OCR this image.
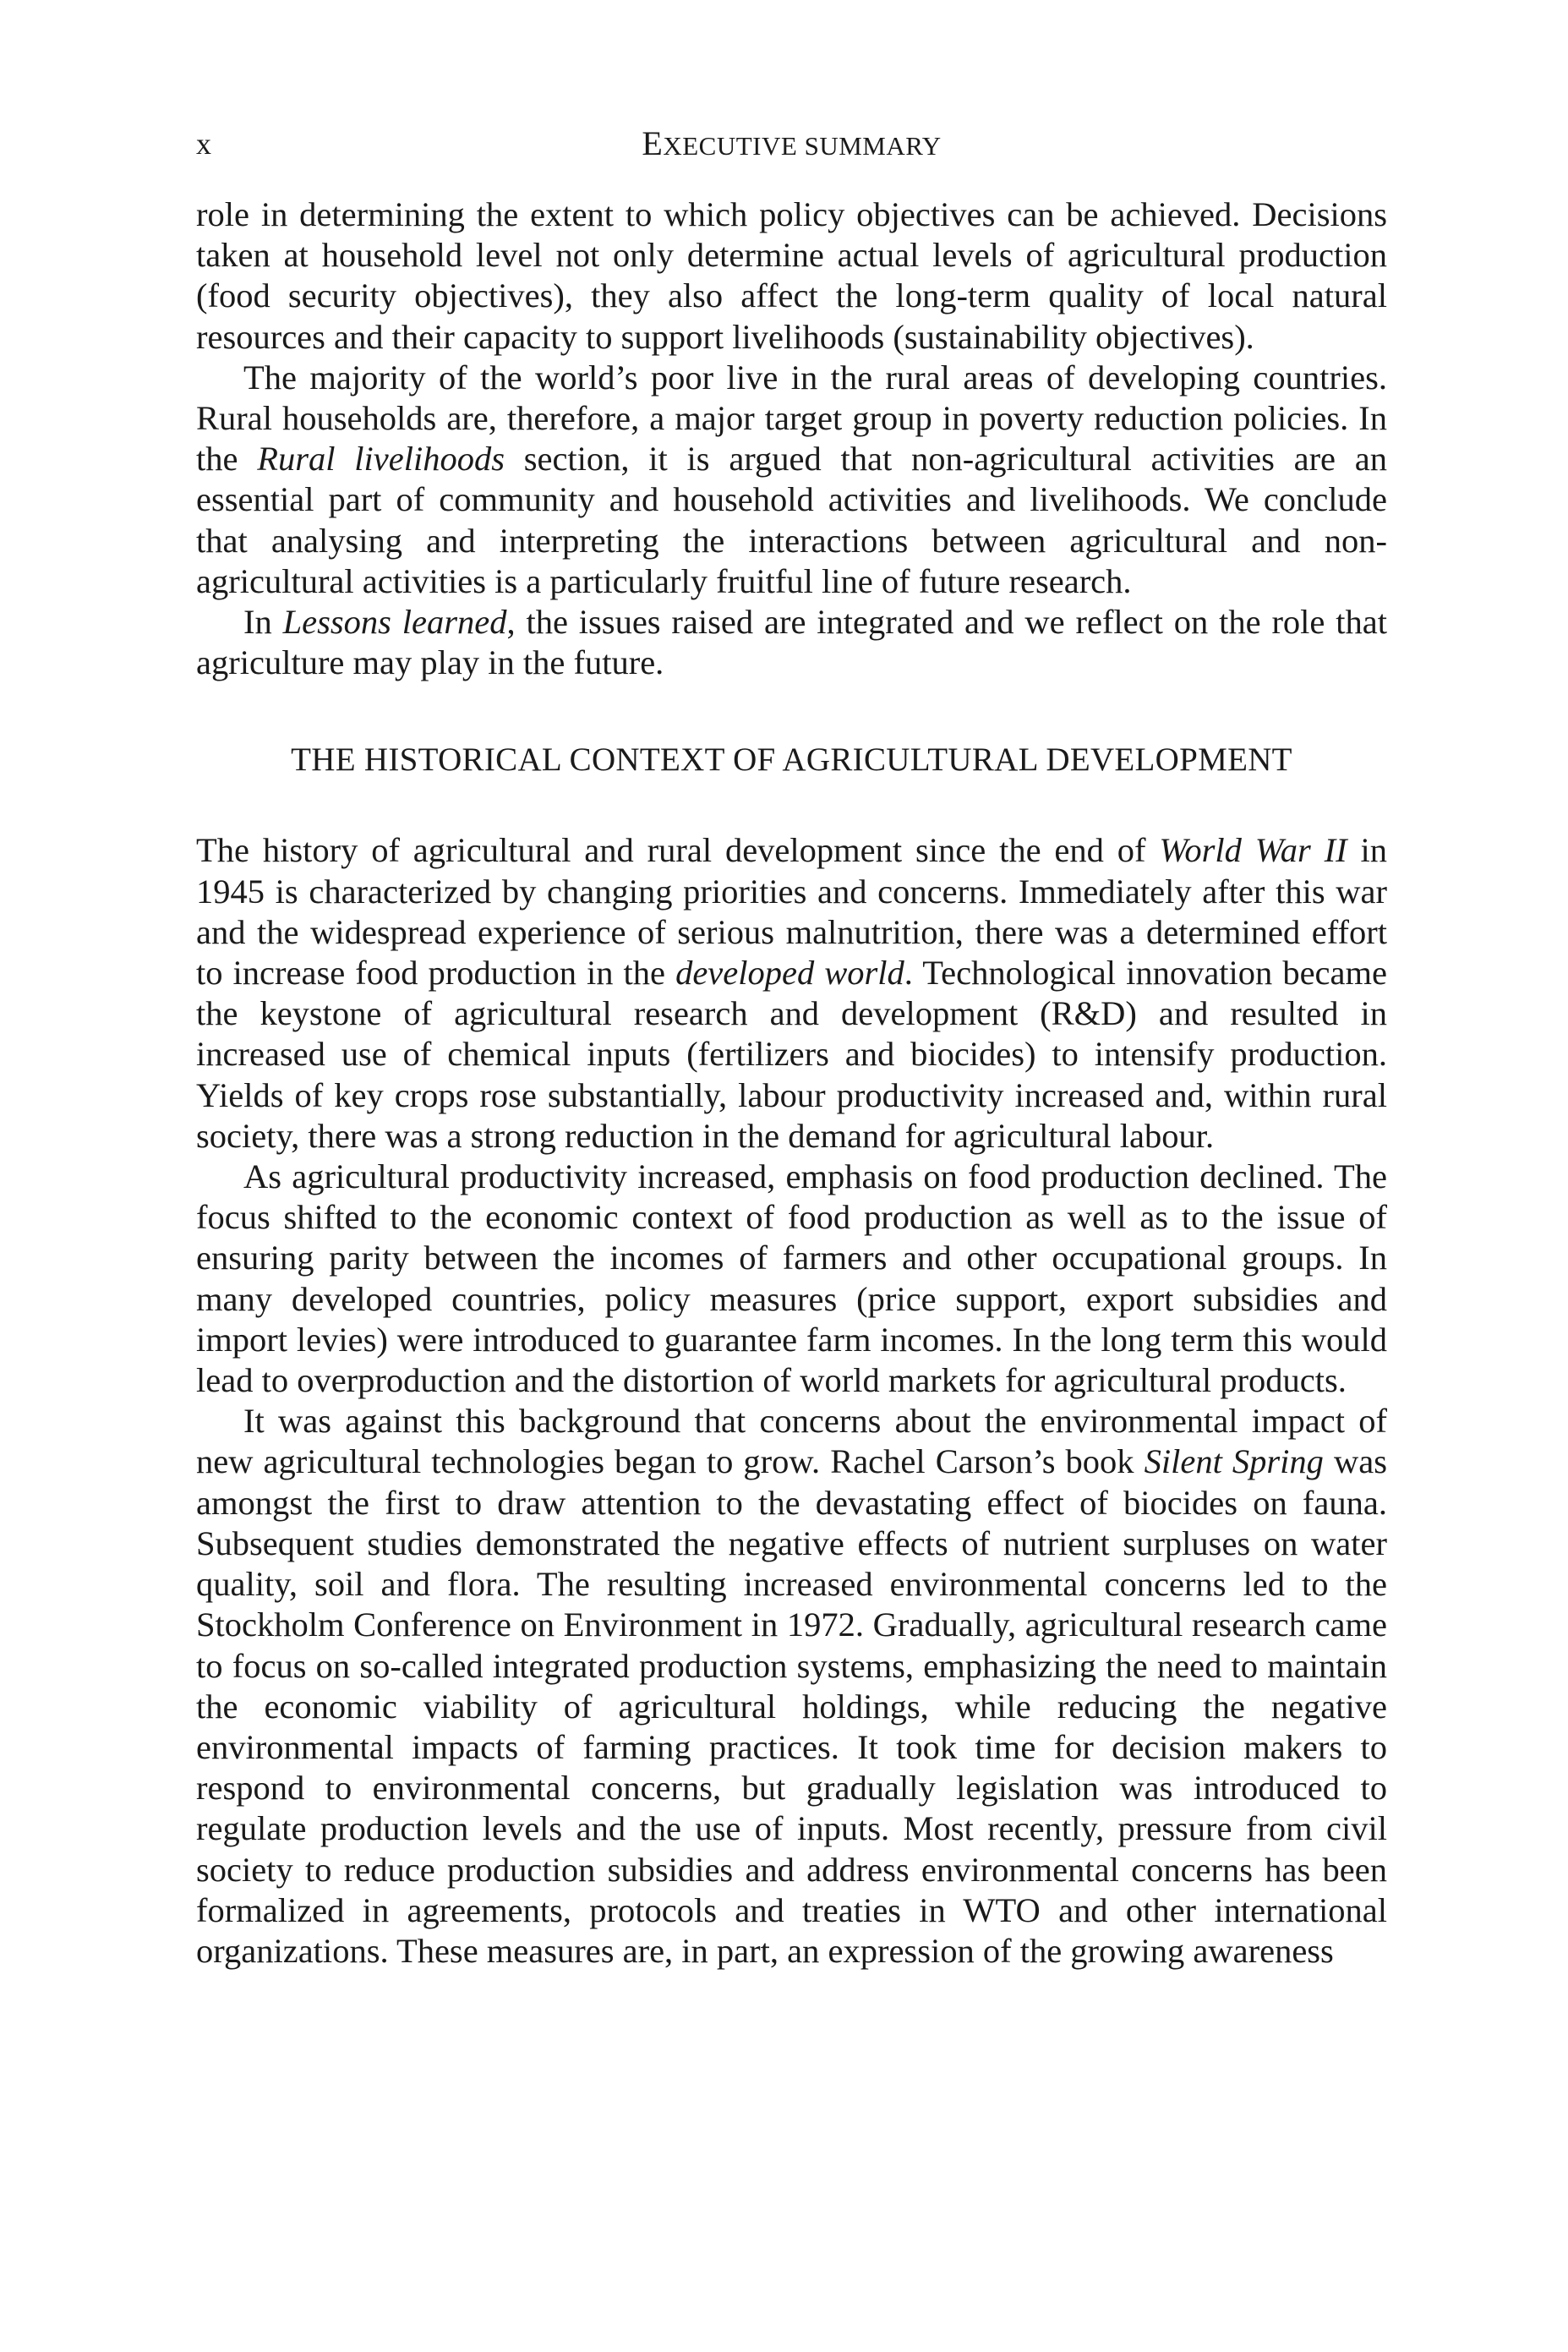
x	EXECUTIVE SUMMARY

role in determining the extent to which policy objectives can be achieved. Decisions taken at household level not only determine actual levels of agricultural production (food security objectives), they also affect the long-term quality of local natural resources and their capacity to support livelihoods (sustainability objectives).

The majority of the world’s poor live in the rural areas of developing countries. Rural households are, therefore, a major target group in poverty reduction policies. In the Rural livelihoods section, it is argued that non-agricultural activities are an essential part of community and household activities and livelihoods. We conclude that analysing and interpreting the interactions between agricultural and non-agricultural activities is a particularly fruitful line of future research.

In Lessons learned, the issues raised are integrated and we reflect on the role that agriculture may play in the future.

THE HISTORICAL CONTEXT OF AGRICULTURAL DEVELOPMENT

The history of agricultural and rural development since the end of World War II in 1945 is characterized by changing priorities and concerns. Immediately after this war and the widespread experience of serious malnutrition, there was a determined effort to increase food production in the developed world. Technological innovation became the keystone of agricultural research and development (R&D) and resulted in increased use of chemical inputs (fertilizers and biocides) to intensify production. Yields of key crops rose substantially, labour productivity increased and, within rural society, there was a strong reduction in the demand for agricultural labour.

As agricultural productivity increased, emphasis on food production declined. The focus shifted to the economic context of food production as well as to the issue of ensuring parity between the incomes of farmers and other occupational groups. In many developed countries, policy measures (price support, export subsidies and import levies) were introduced to guarantee farm incomes. In the long term this would lead to overproduction and the distortion of world markets for agricultural products.

It was against this background that concerns about the environmental impact of new agricultural technologies began to grow. Rachel Carson’s book Silent Spring was amongst the first to draw attention to the devastating effect of biocides on fauna. Subsequent studies demonstrated the negative effects of nutrient surpluses on water quality, soil and flora. The resulting increased environmental concerns led to the Stockholm Conference on Environment in 1972. Gradually, agricultural research came to focus on so-called integrated production systems, emphasizing the need to maintain the economic viability of agricultural holdings, while reducing the negative environmental impacts of farming practices. It took time for decision makers to respond to environmental concerns, but gradually legislation was introduced to regulate production levels and the use of inputs. Most recently, pressure from civil society to reduce production subsidies and address environmental concerns has been formalized in agreements, protocols and treaties in WTO and other international organizations. These measures are, in part, an expression of the growing awareness
